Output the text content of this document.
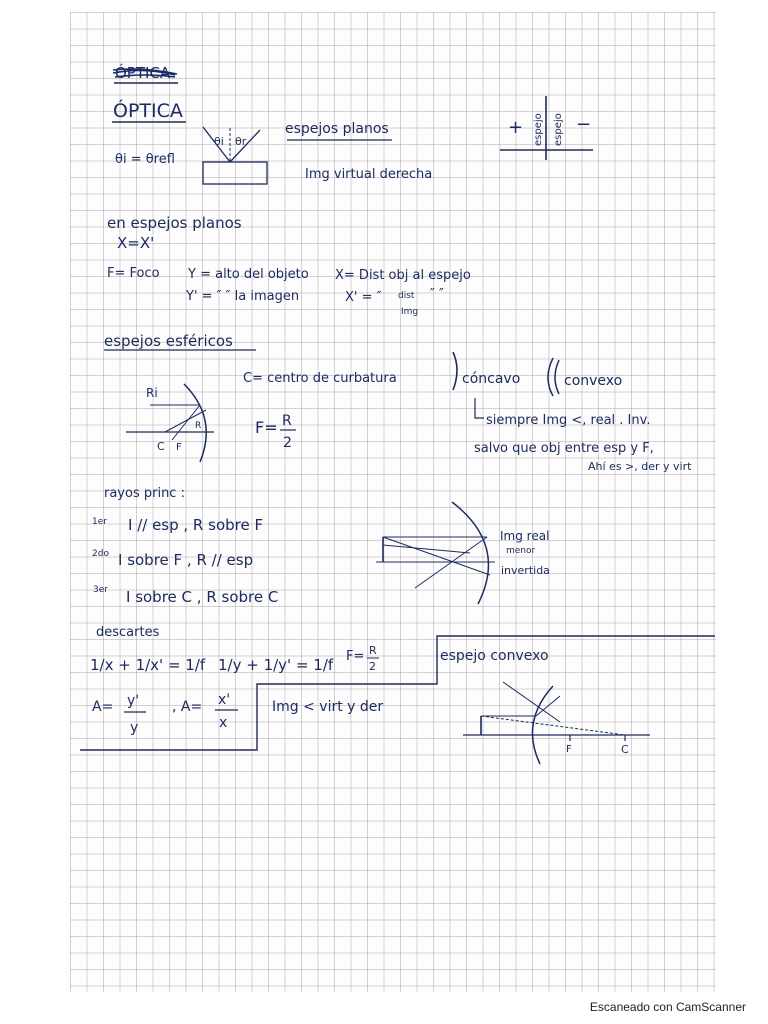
ÓPTICA
ÓPTICA
θi θr
θi = θrefl
espejos planos
Img virtual derecha
+	−
espejo espejo
en espejos planos
X=X'
F= Foco Y = alto del objeto X= Dist obj al espejo
Y' = ″ ″ la imagen	X' = ″ dist
Img
″ ″
espejos esféricos
C= centro de curbatura
Ri
C F
R	F= R
2
cóncavo	convexo
siempre Img <, real . Inv.
salvo que obj entre esp y F,
Ahí es >, der y virt
rayos princ :
1er I // esp , R sobre F
2do I sobre F , R // esp
3er I sobre C , R sobre C
Img real
menor
invertida
descartes
1/x + 1/x' = 1/f 1/y + 1/y' = 1/f F= R
2
A= y'
y
, A= x'
x
Img < virt y der
espejo convexo
F	C
Escaneado con CamScanner
